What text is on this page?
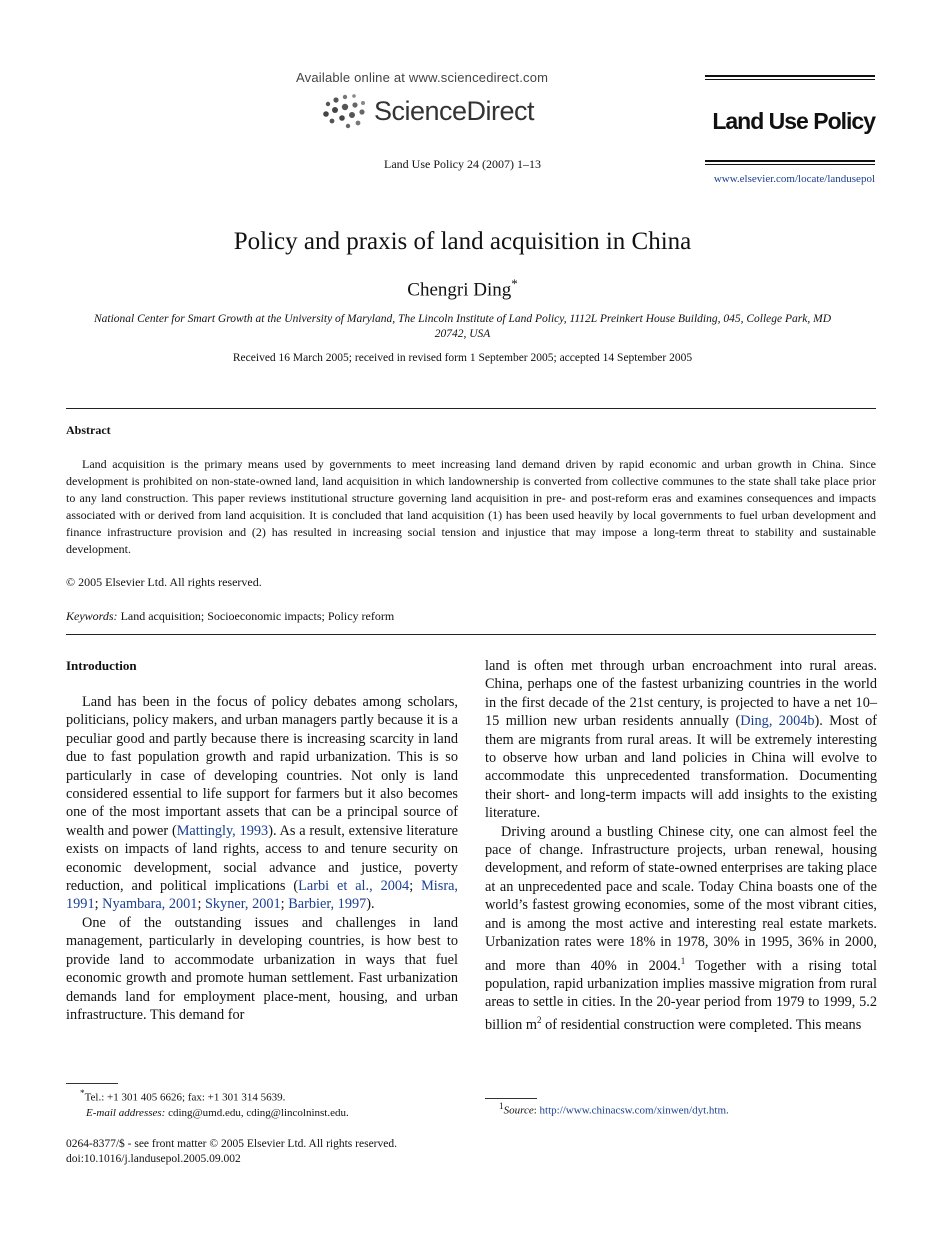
Available online at www.sciencedirect.com
ScienceDirect
Land Use Policy 24 (2007) 1–13
Land Use Policy
www.elsevier.com/locate/landusepol
Policy and praxis of land acquisition in China
Chengri Ding*
National Center for Smart Growth at the University of Maryland, The Lincoln Institute of Land Policy, 1112L Preinkert House Building, 045, College Park, MD 20742, USA
Received 16 March 2005; received in revised form 1 September 2005; accepted 14 September 2005
Abstract
Land acquisition is the primary means used by governments to meet increasing land demand driven by rapid economic and urban growth in China. Since development is prohibited on non-state-owned land, land acquisition in which landownership is converted from collective communes to the state shall take place prior to any land construction. This paper reviews institutional structure governing land acquisition in pre- and post-reform eras and examines consequences and impacts associated with or derived from land acquisition. It is concluded that land acquisition (1) has been used heavily by local governments to fuel urban development and finance infrastructure provision and (2) has resulted in increasing social tension and injustice that may impose a long-term threat to stability and sustainable development.
© 2005 Elsevier Ltd. All rights reserved.
Keywords: Land acquisition; Socioeconomic impacts; Policy reform
Introduction

Land has been in the focus of policy debates among scholars, politicians, policy makers, and urban managers partly because it is a peculiar good and partly because there is increasing scarcity in land due to fast population growth and rapid urbanization. This is so particularly in case of developing countries. Not only is land considered essential to life support for farmers but it also becomes one of the most important assets that can be a principal source of wealth and power (Mattingly, 1993). As a result, extensive literature exists on impacts of land rights, access to and tenure security on economic development, social advance and justice, poverty reduction, and political implications (Larbi et al., 2004; Misra, 1991; Nyambara, 2001; Skyner, 2001; Barbier, 1997).

One of the outstanding issues and challenges in land management, particularly in developing countries, is how best to provide land to accommodate urbanization in ways that fuel economic growth and promote human settlement. Fast urbanization demands land for employment place-ment, housing, and urban infrastructure. This demand for

land is often met through urban encroachment into rural areas. China, perhaps one of the fastest urbanizing countries in the world in the first decade of the 21st century, is projected to have a net 10–15 million new urban residents annually (Ding, 2004b). Most of them are migrants from rural areas. It will be extremely interesting to observe how urban and land policies in China will evolve to accommodate this unprecedented transformation. Documenting their short- and long-term impacts will add insights to the existing literature.

Driving around a bustling Chinese city, one can almost feel the pace of change. Infrastructure projects, urban renewal, housing development, and reform of state-owned enterprises are taking place at an unprecedented pace and scale. Today China boasts one of the world’s fastest growing economies, some of the most vibrant cities, and is among the most active and interesting real estate markets. Urbanization rates were 18% in 1978, 30% in 1995, 36% in 2000, and more than 40% in 2004.$^1$ Together with a rising total population, rapid urbanization implies massive migration from rural areas to settle in cities. In the 20-year period from 1979 to 1999, 5.2 billion $m^2$ of residential construction were completed. This means

*Tel.: +1 301 405 6626; fax: +1 301 314 5639.
E-mail addresses: cding@umd.edu, cding@lincolninst.edu.
$^1$Source: http://www.chinacsw.com/xinwen/dyt.htm.
0264-8377/$ - see front matter © 2005 Elsevier Ltd. All rights reserved.
doi:10.1016/j.landusepol.2005.09.002
